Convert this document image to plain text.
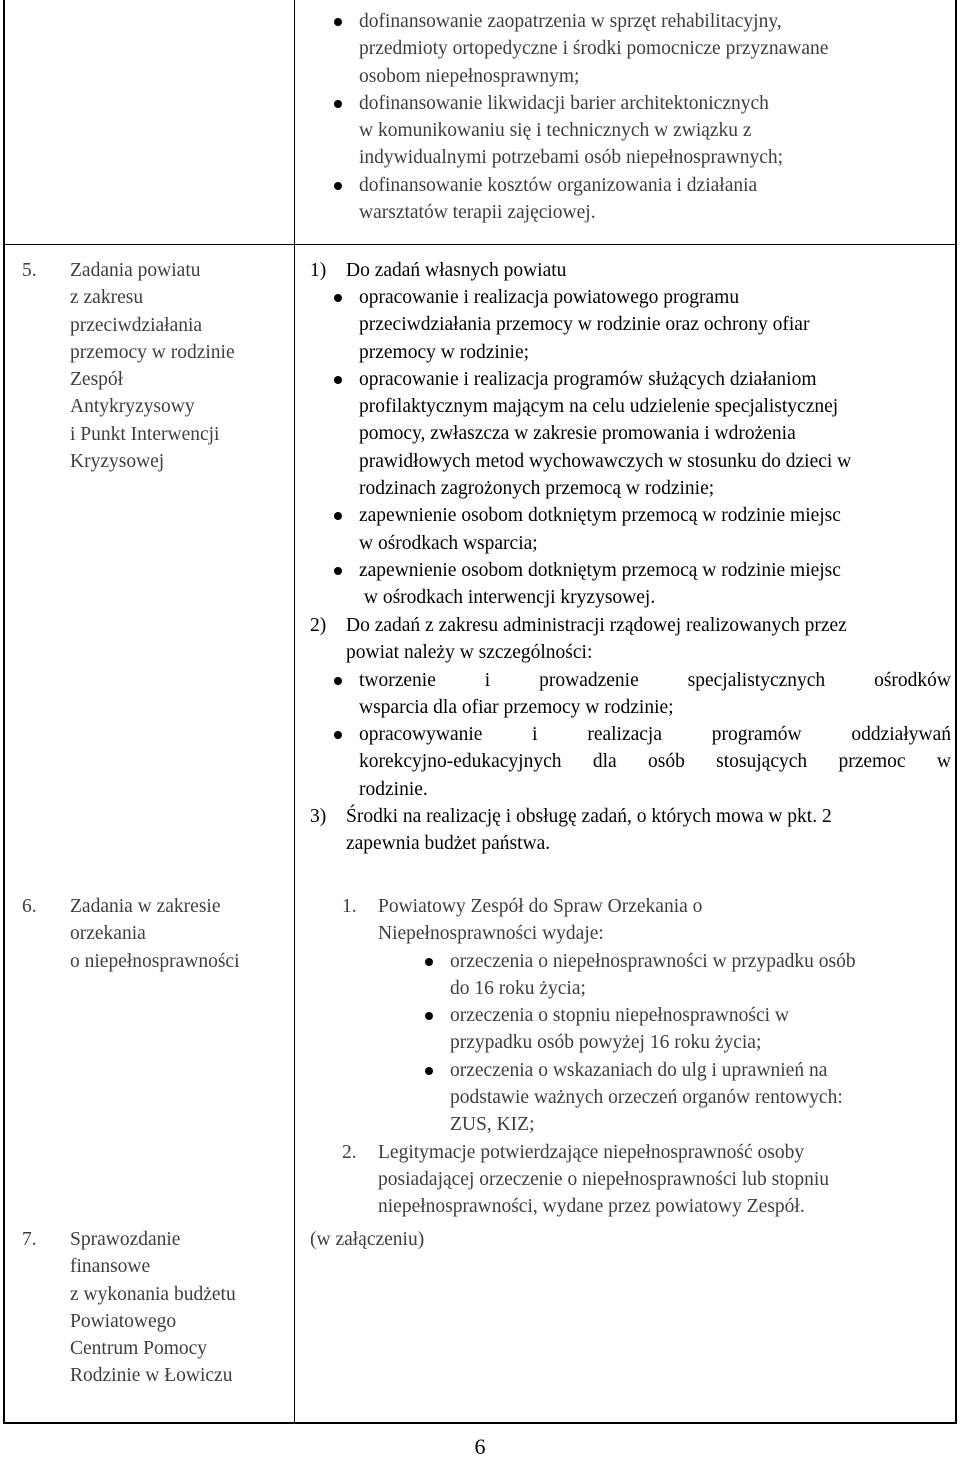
dofinansowanie zaopatrzenia w sprzęt rehabilitacyjny,
przedmioty ortopedyczne i środki pomocnicze przyznawane
osobom niepełnosprawnym;
dofinansowanie likwidacji barier architektonicznych
w komunikowaniu się i technicznych w związku z
indywidualnymi potrzebami osób niepełnosprawnych;
dofinansowanie kosztów organizowania i działania
warsztatów terapii zajęciowej.
5. Zadania powiatu
z zakresu
przeciwdziałania
przemocy w rodzinie
Zespół
Antykryzysowy
i Punkt Interwencji
Kryzysowej
1) Do zadań własnych powiatu
opracowanie i realizacja powiatowego programu
przeciwdziałania przemocy w rodzinie oraz ochrony ofiar
przemocy w rodzinie;
opracowanie i realizacja programów służących działaniom
profilaktycznym mającym na celu udzielenie specjalistycznej
pomocy, zwłaszcza w zakresie promowania i wdrożenia
prawidłowych metod wychowawczych w stosunku do dzieci w
rodzinach zagrożonych przemocą w rodzinie;
zapewnienie osobom dotkniętym przemocą w rodzinie miejsc
w ośrodkach wsparcia;
zapewnienie osobom dotkniętym przemocą w rodzinie miejsc
w ośrodkach interwencji kryzysowej.
2) Do zadań z zakresu administracji rządowej realizowanych przez
powiat należy w szczególności:
tworzenie i prowadzenie specjalistycznych ośrodków
wsparcia dla ofiar przemocy w rodzinie;
opracowywanie i realizacja programów oddziaływań
korekcyjno-edukacyjnych dla osób stosujących przemoc w
rodzinie.
3) Środki na realizację i obsługę zadań, o których mowa w pkt. 2
zapewnia budżet państwa.
6. Zadania w zakresie
orzekania
o niepełnosprawności
1. Powiatowy Zespół do Spraw Orzekania o
Niepełnosprawności wydaje:
orzeczenia o niepełnosprawności w przypadku osób
do 16 roku życia;
orzeczenia o stopniu niepełnosprawności w
przypadku osób powyżej 16 roku życia;
orzeczenia o wskazaniach do ulg i uprawnień na
podstawie ważnych orzeczeń organów rentowych:
ZUS, KIZ;
2. Legitymacje potwierdzające niepełnosprawność osoby
posiadającej orzeczenie o niepełnosprawności lub stopniu
niepełnosprawności, wydane przez powiatowy Zespół.
7. Sprawozdanie
finansowe
z wykonania budżetu
Powiatowego
Centrum Pomocy
Rodzinie w Łowiczu
(w załączeniu)
6
